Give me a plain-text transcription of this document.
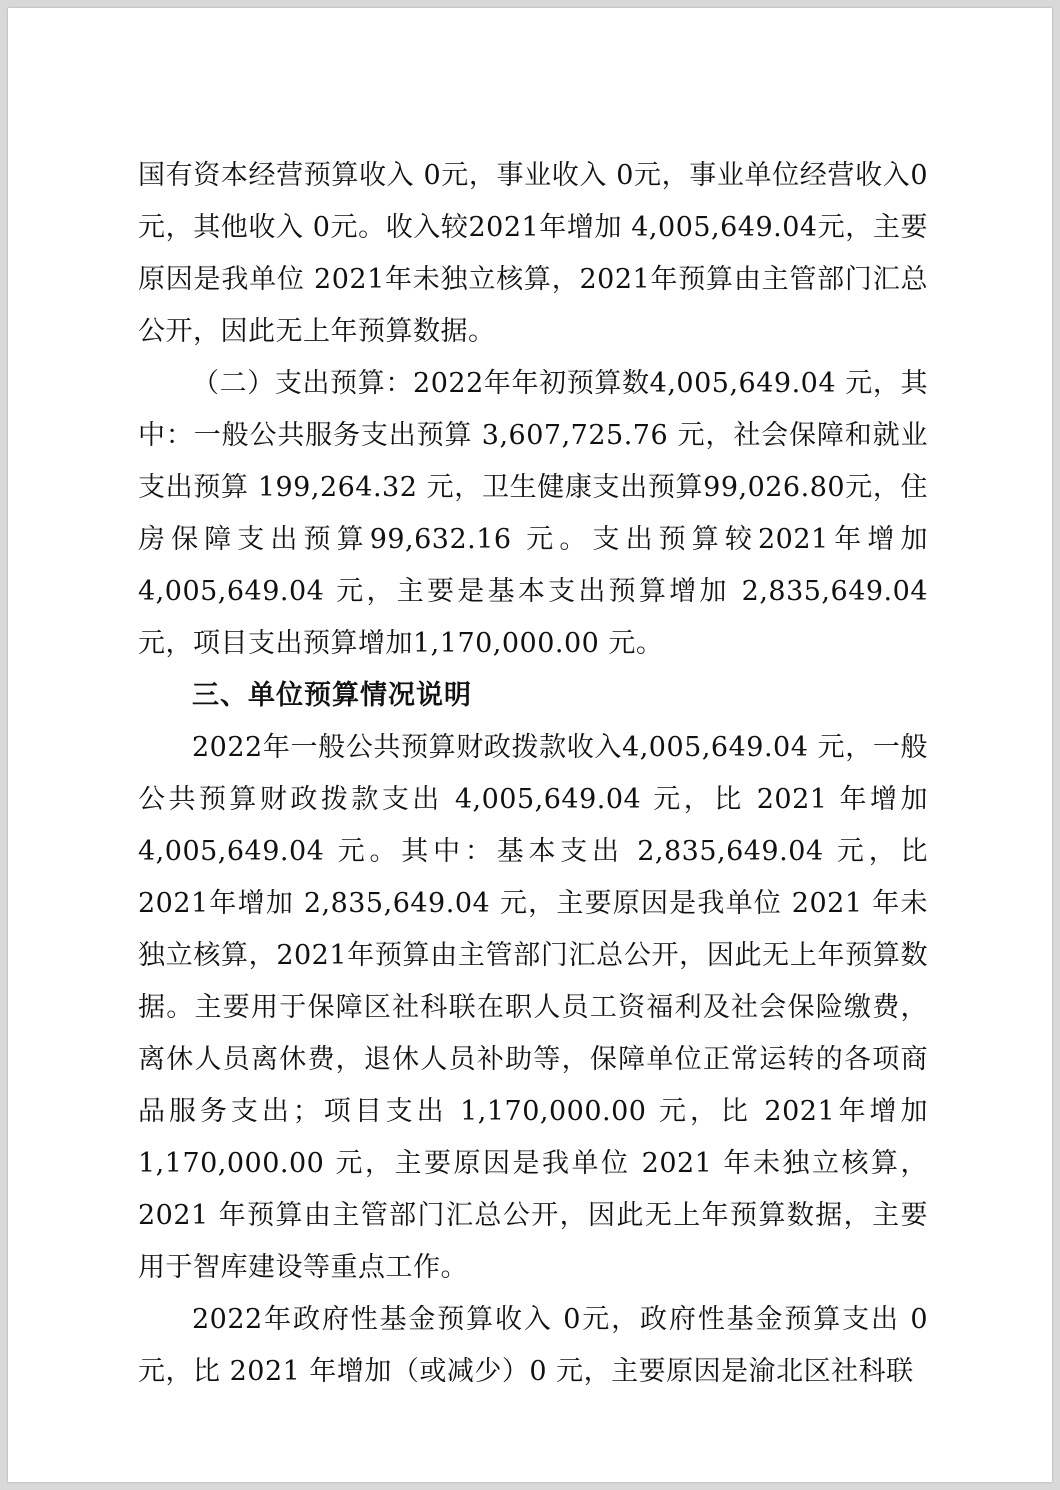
国有资本经营预算收入 0元，事业收入 0元，事业单位经营收入0元，其他收入 0元。收入较2021年增加 4,005,649.04元，主要原因是我单位 2021年未独立核算，2021年预算由主管部门汇总公开，因此无上年预算数据。

（二）支出预算：2022年年初预算数4,005,649.04 元，其中：一般公共服务支出预算 3,607,725.76 元，社会保障和就业支出预算 199,264.32 元，卫生健康支出预算99,026.80元，住房保障支出预算99,632.16 元。支出预算较2021年增加 4,005,649.04 元，主要是基本支出预算增加 2,835,649.04 元，项目支出预算增加1,170,000.00 元。

三、单位预算情况说明

2022年一般公共预算财政拨款收入4,005,649.04 元，一般公共预算财政拨款支出 4,005,649.04 元，比 2021 年增加4,005,649.04 元。其中：基本支出 2,835,649.04 元，比2021年增加 2,835,649.04 元，主要原因是我单位 2021 年未独立核算，2021年预算由主管部门汇总公开，因此无上年预算数据。主要用于保障区社科联在职人员工资福利及社会保险缴费，离休人员离休费，退休人员补助等，保障单位正常运转的各项商品服务支出；项目支出 1,170,000.00 元，比 2021年增加 1,170,000.00 元，主要原因是我单位 2021 年未独立核算，2021 年预算由主管部门汇总公开，因此无上年预算数据，主要用于智库建设等重点工作。

2022年政府性基金预算收入 0元，政府性基金预算支出 0元，比 2021 年增加（或减少）0 元，主要原因是渝北区社科联
